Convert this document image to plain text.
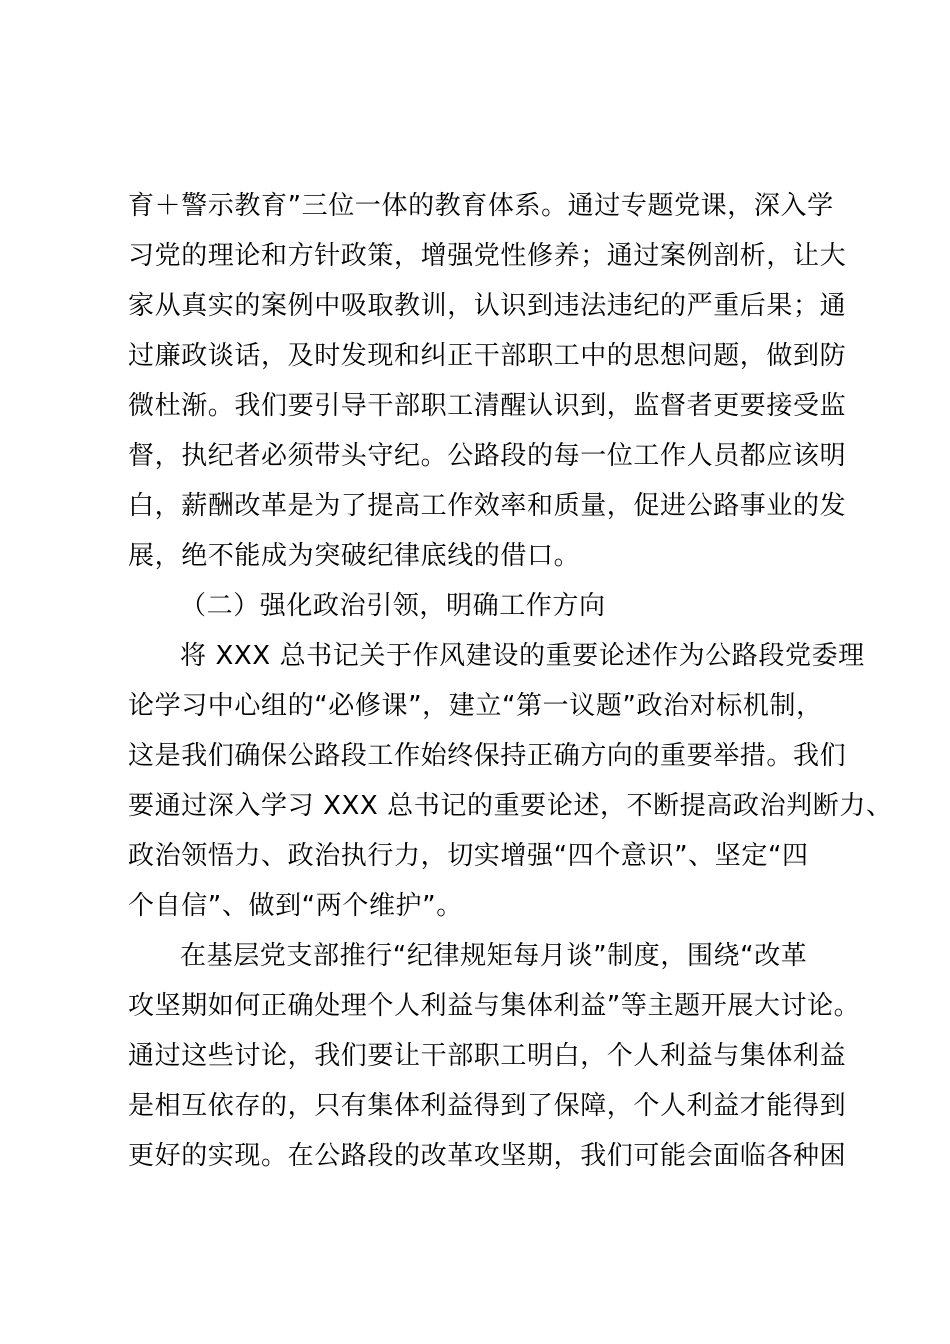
育＋警示教育”三位一体的教育体系。通过专题党课，深入学
习党的理论和方针政策，增强党性修养；通过案例剖析，让大
家从真实的案例中吸取教训，认识到违法违纪的严重后果；通
过廉政谈话，及时发现和纠正干部职工中的思想问题，做到防
微杜渐。我们要引导干部职工清醒认识到，监督者更要接受监
督，执纪者必须带头守纪。公路段的每一位工作人员都应该明
白，薪酬改革是为了提高工作效率和质量，促进公路事业的发
展，绝不能成为突破纪律底线的借口。
（二）强化政治引领，明确工作方向
将 XXX 总书记关于作风建设的重要论述作为公路段党委理
论学习中心组的“必修课”，建立“第一议题”政治对标机制，
这是我们确保公路段工作始终保持正确方向的重要举措。我们
要通过深入学习 XXX 总书记的重要论述，不断提高政治判断力、
政治领悟力、政治执行力，切实增强“四个意识”、坚定“四
个自信”、做到“两个维护”。
在基层党支部推行“纪律规矩每月谈”制度，围绕“改革
攻坚期如何正确处理个人利益与集体利益”等主题开展大讨论。
通过这些讨论，我们要让干部职工明白，个人利益与集体利益
是相互依存的，只有集体利益得到了保障，个人利益才能得到
更好的实现。在公路段的改革攻坚期，我们可能会面临各种困
